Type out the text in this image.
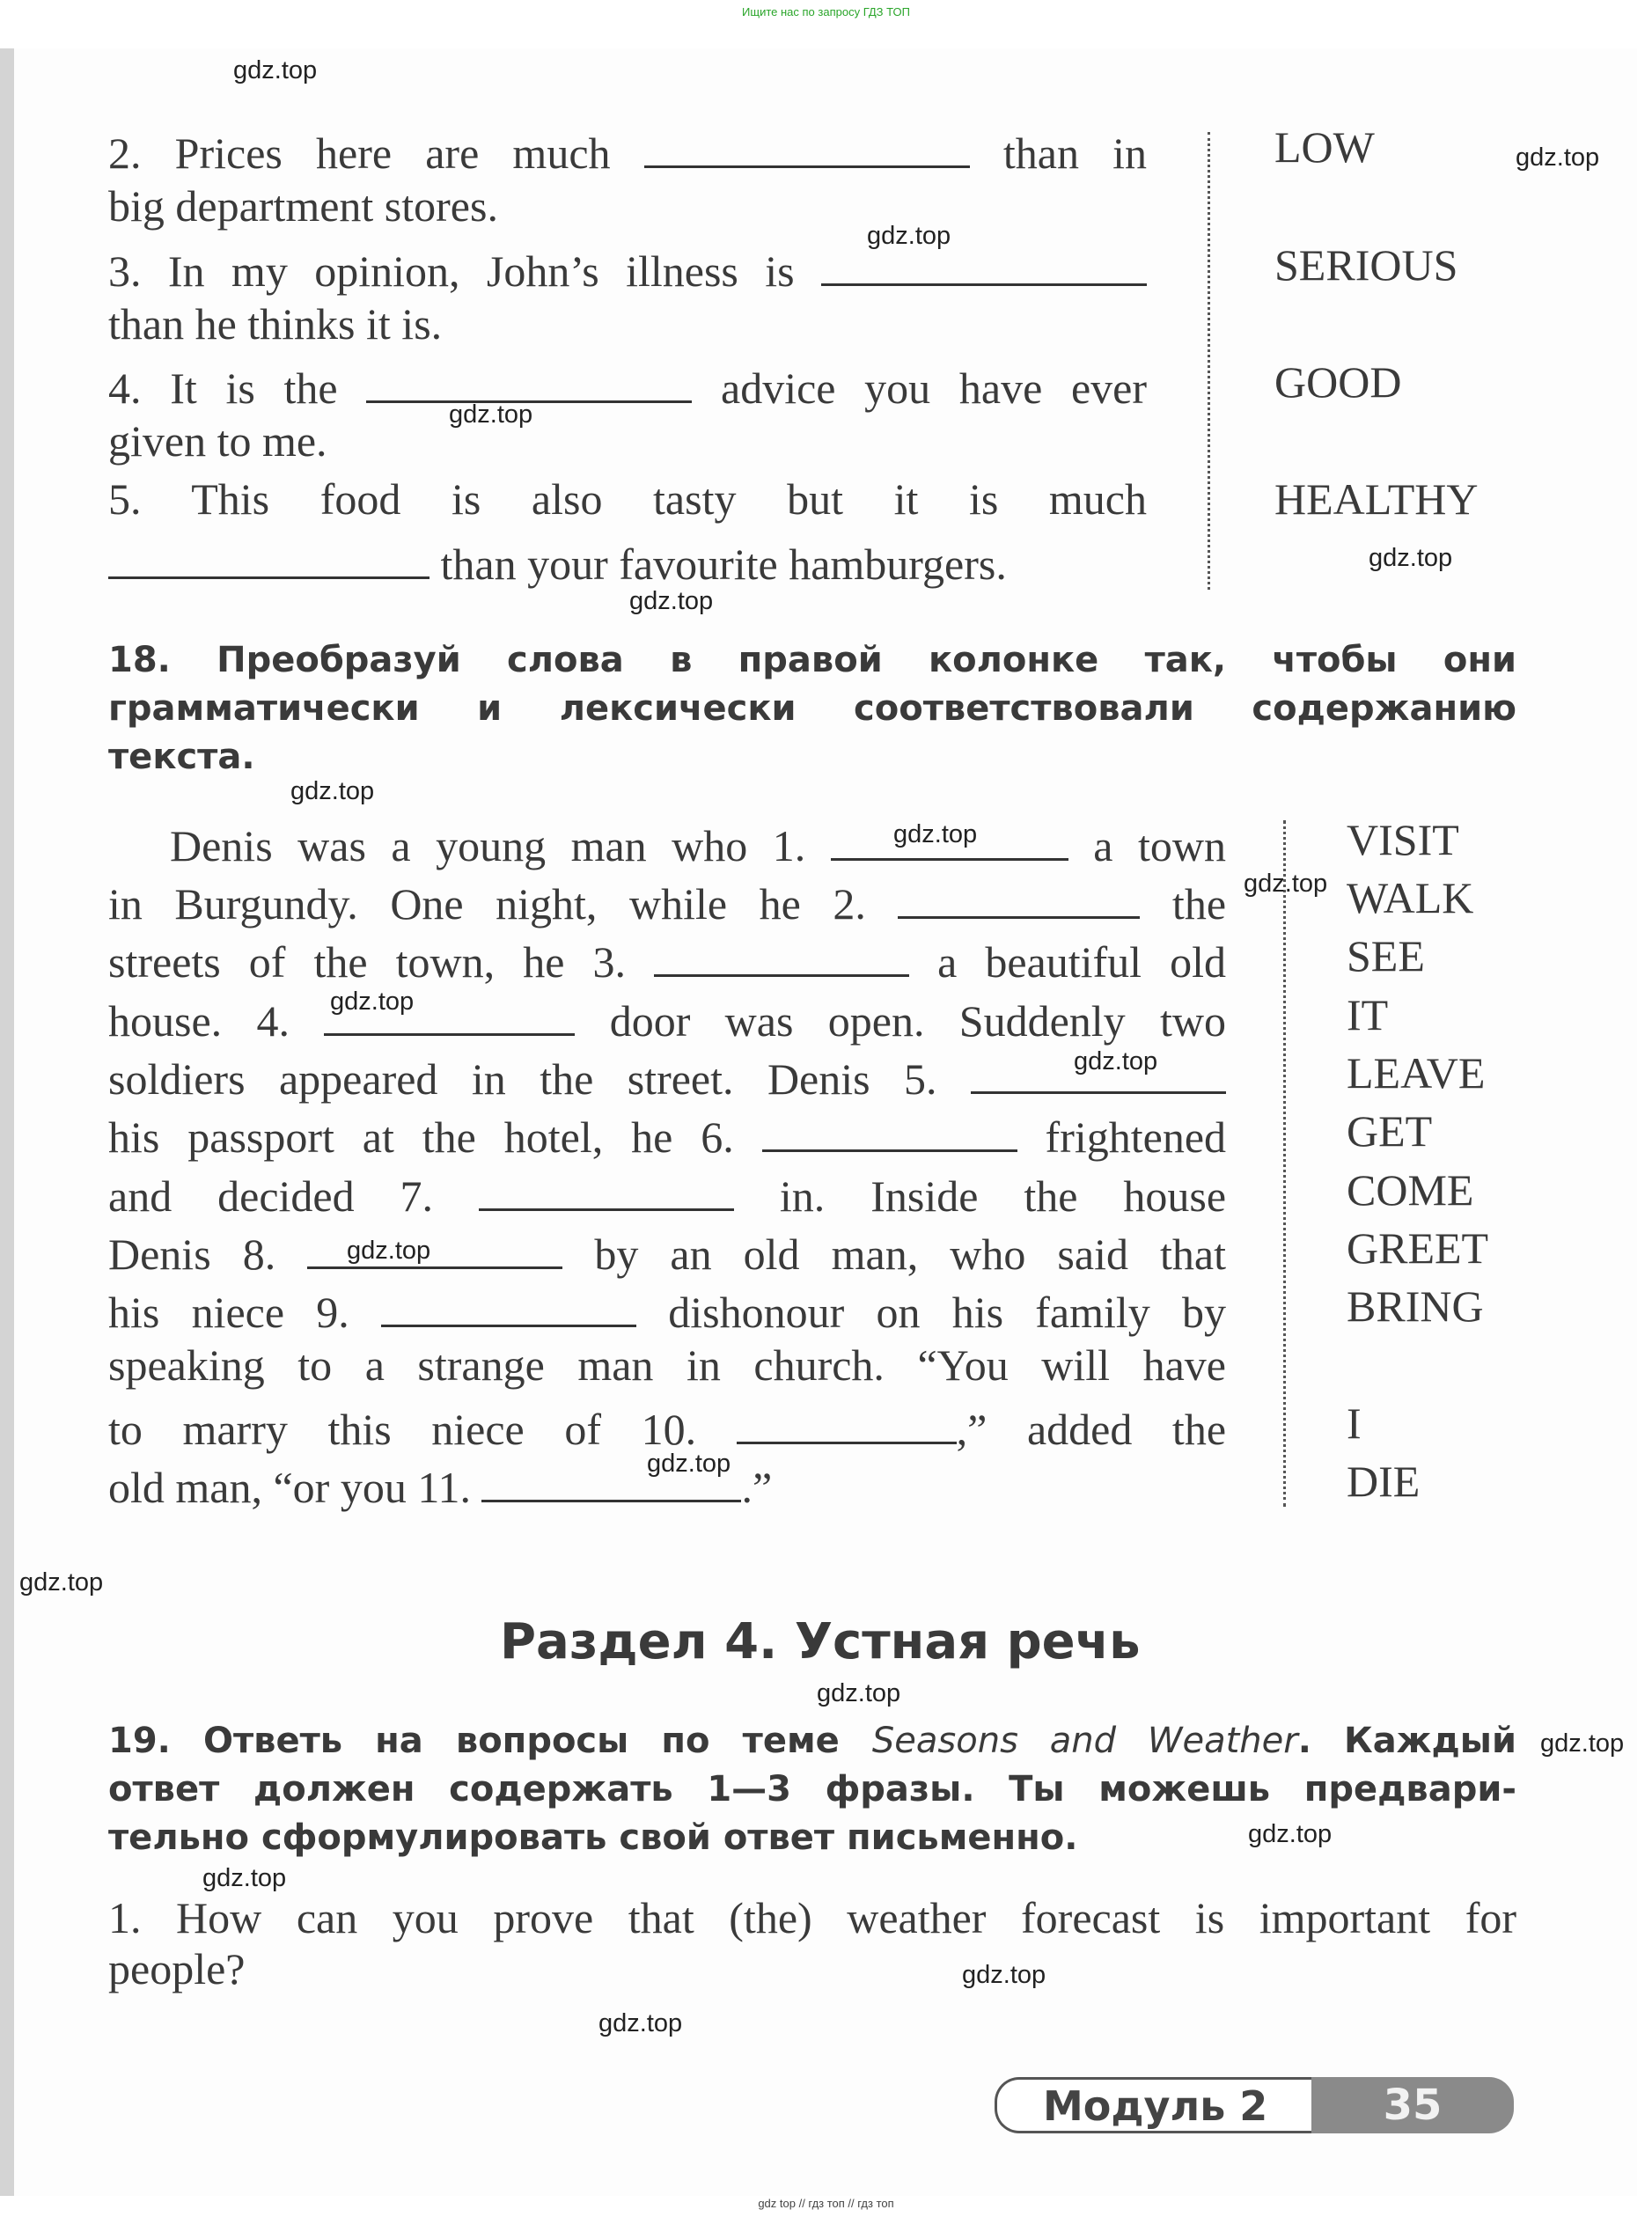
Ищите нас по запросу ГДЗ ТОП
2. Prices here are much	than in
big department stores.
LOW
3. In my opinion, John’s illness is
than he thinks it is.
SERIOUS
4. It is the	advice you have ever
given to me.
GOOD
5. This food is also tasty but it is much
than your favourite hamburgers.
HEALTHY
18. Преобразуй слова в правой колонке так, чтобы они
грамматически и лексически соответствовали содержанию
текста.
Denis was a young man who 1.	a town
in Burgundy. One night, while he 2.	the
streets of the town, he 3.	a beautiful old
house. 4.	door was open. Suddenly two
soldiers appeared in the street. Denis 5.
his passport at the hotel, he 6.	frightened
and decided 7.	in. Inside the house
Denis 8.	by an old man, who said that
his niece 9.	dishonour on his family by
speaking to a strange man in church. “You will have
to marry this niece of 10.	,” added the
old man, “or you 11.	.”
VISIT
WALK
SEE
IT
LEAVE
GET
COME
GREET
BRING
I
DIE
Раздел 4. Устная речь
19. Ответь на вопросы по теме Seasons and Weather. Каждый
ответ должен содержать 1—3 фразы. Ты можешь предвари-
тельно сформулировать свой ответ письменно.
1. How can you prove that (the) weather forecast is important for
people?
Модуль 2	35
gdz.top
gdz.top
gdz.top
gdz.top
gdz.top
gdz.top
gdz.top
gdz.top
gdz.top
gdz.top
gdz.top
gdz.top
gdz.top
gdz.top
gdz.top
gdz.top
gdz.top
gdz.top
gdz.top
gdz.top
gdz top // гдз топ // гдз топ
